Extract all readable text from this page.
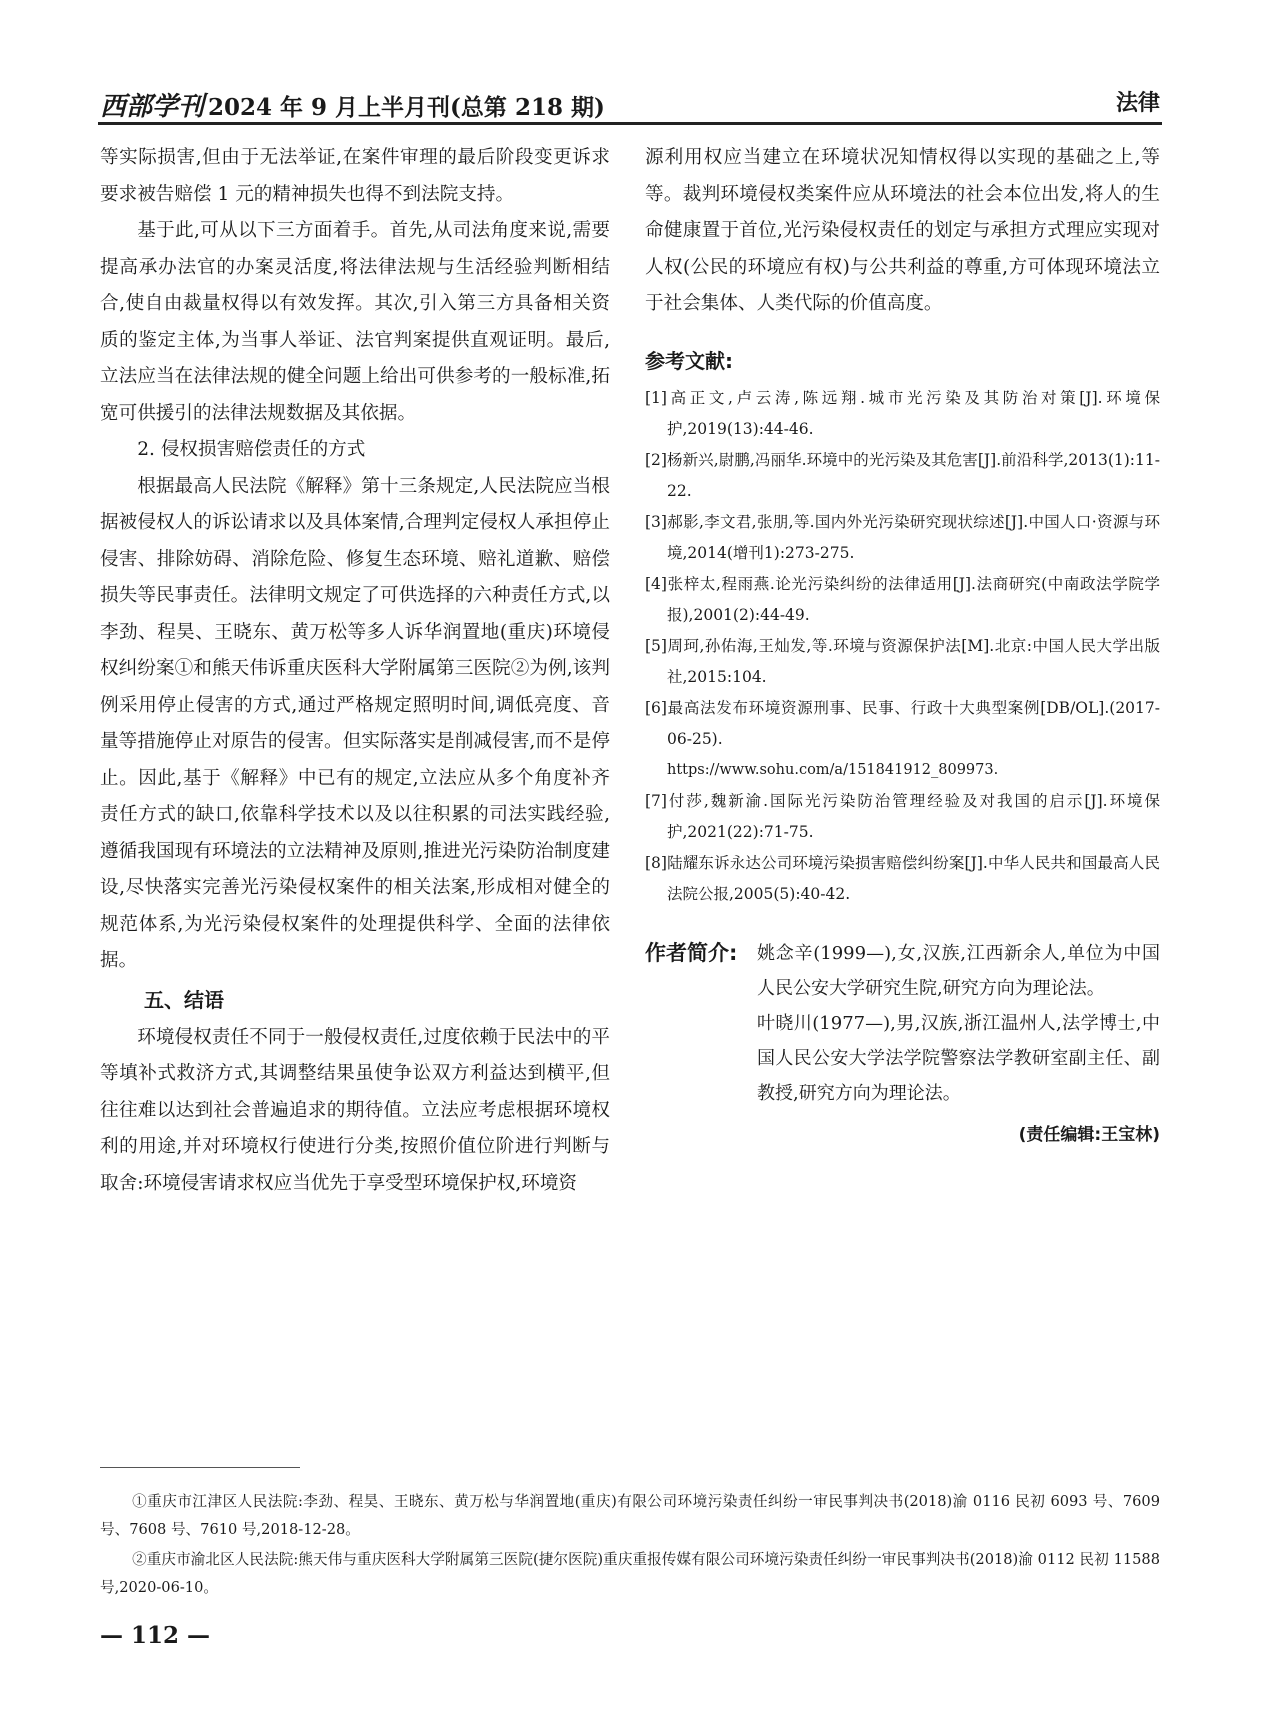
西部学刊 2024 年 9 月上半月刊(总第 218 期)	法律

等实际损害,但由于无法举证,在案件审理的最后阶段变更诉求要求被告赔偿 1 元的精神损失也得不到法院支持。

基于此,可从以下三方面着手。首先,从司法角度来说,需要提高承办法官的办案灵活度,将法律法规与生活经验判断相结合,使自由裁量权得以有效发挥。其次,引入第三方具备相关资质的鉴定主体,为当事人举证、法官判案提供直观证明。最后,立法应当在法律法规的健全问题上给出可供参考的一般标准,拓宽可供援引的法律法规数据及其依据。

2. 侵权损害赔偿责任的方式

根据最高人民法院《解释》第十三条规定,人民法院应当根据被侵权人的诉讼请求以及具体案情,合理判定侵权人承担停止侵害、排除妨碍、消除危险、修复生态环境、赔礼道歉、赔偿损失等民事责任。法律明文规定了可供选择的六种责任方式,以李劲、程昊、王晓东、黄万松等多人诉华润置地(重庆)环境侵权纠纷案①和熊天伟诉重庆医科大学附属第三医院②为例,该判例采用停止侵害的方式,通过严格规定照明时间,调低亮度、音量等措施停止对原告的侵害。但实际落实是削减侵害,而不是停止。因此,基于《解释》中已有的规定,立法应从多个角度补齐责任方式的缺口,依靠科学技术以及以往积累的司法实践经验,遵循我国现有环境法的立法精神及原则,推进光污染防治制度建设,尽快落实完善光污染侵权案件的相关法案,形成相对健全的规范体系,为光污染侵权案件的处理提供科学、全面的法律依据。

五、结语

环境侵权责任不同于一般侵权责任,过度依赖于民法中的平等填补式救济方式,其调整结果虽使争讼双方利益达到横平,但往往难以达到社会普遍追求的期待值。立法应考虑根据环境权利的用途,并对环境权行使进行分类,按照价值位阶进行判断与取舍:环境侵害请求权应当优先于享受型环境保护权,环境资

源利用权应当建立在环境状况知情权得以实现的基础之上,等等。裁判环境侵权类案件应从环境法的社会本位出发,将人的生命健康置于首位,光污染侵权责任的划定与承担方式理应实现对人权(公民的环境应有权)与公共利益的尊重,方可体现环境法立于社会集体、人类代际的价值高度。

参考文献:

[1]高正文,卢云涛,陈远翔.城市光污染及其防治对策[J].环境保护,2019(13):44-46.

[2]杨新兴,尉鹏,冯丽华.环境中的光污染及其危害[J].前沿科学,2013(1):11-22.

[3]郝影,李文君,张朋,等.国内外光污染研究现状综述[J].中国人口·资源与环境,2014(增刊1):273-275.

[4]张梓太,程雨燕.论光污染纠纷的法律适用[J].法商研究(中南政法学院学报),2001(2):44-49.

[5]周珂,孙佑海,王灿发,等.环境与资源保护法[M].北京:中国人民大学出版社,2015:104.

[6]最高法发布环境资源刑事、民事、行政十大典型案例[DB/OL].(2017-06-25).
https://www.sohu.com/a/151841912_809973.

[7]付莎,魏新渝.国际光污染防治管理经验及对我国的启示[J].环境保护,2021(22):71-75.

[8]陆耀东诉永达公司环境污染损害赔偿纠纷案[J].中华人民共和国最高人民法院公报,2005(5):40-42.

作者简介:	姚念辛(1999—),女,汉族,江西新余人,单位为中国人民公安大学研究生院,研究方向为理论法。

叶晓川(1977—),男,汉族,浙江温州人,法学博士,中国人民公安大学法学院警察法学教研室副主任、副教授,研究方向为理论法。

(责任编辑:王宝林)

①重庆市江津区人民法院:李劲、程昊、王晓东、黄万松与华润置地(重庆)有限公司环境污染责任纠纷一审民事判决书(2018)渝 0116 民初 6093 号、7609 号、7608 号、7610 号,2018-12-28。

②重庆市渝北区人民法院:熊天伟与重庆医科大学附属第三医院(捷尔医院)重庆重报传媒有限公司环境污染责任纠纷一审民事判决书(2018)渝 0112 民初 11588 号,2020-06-10。

— 112 —
